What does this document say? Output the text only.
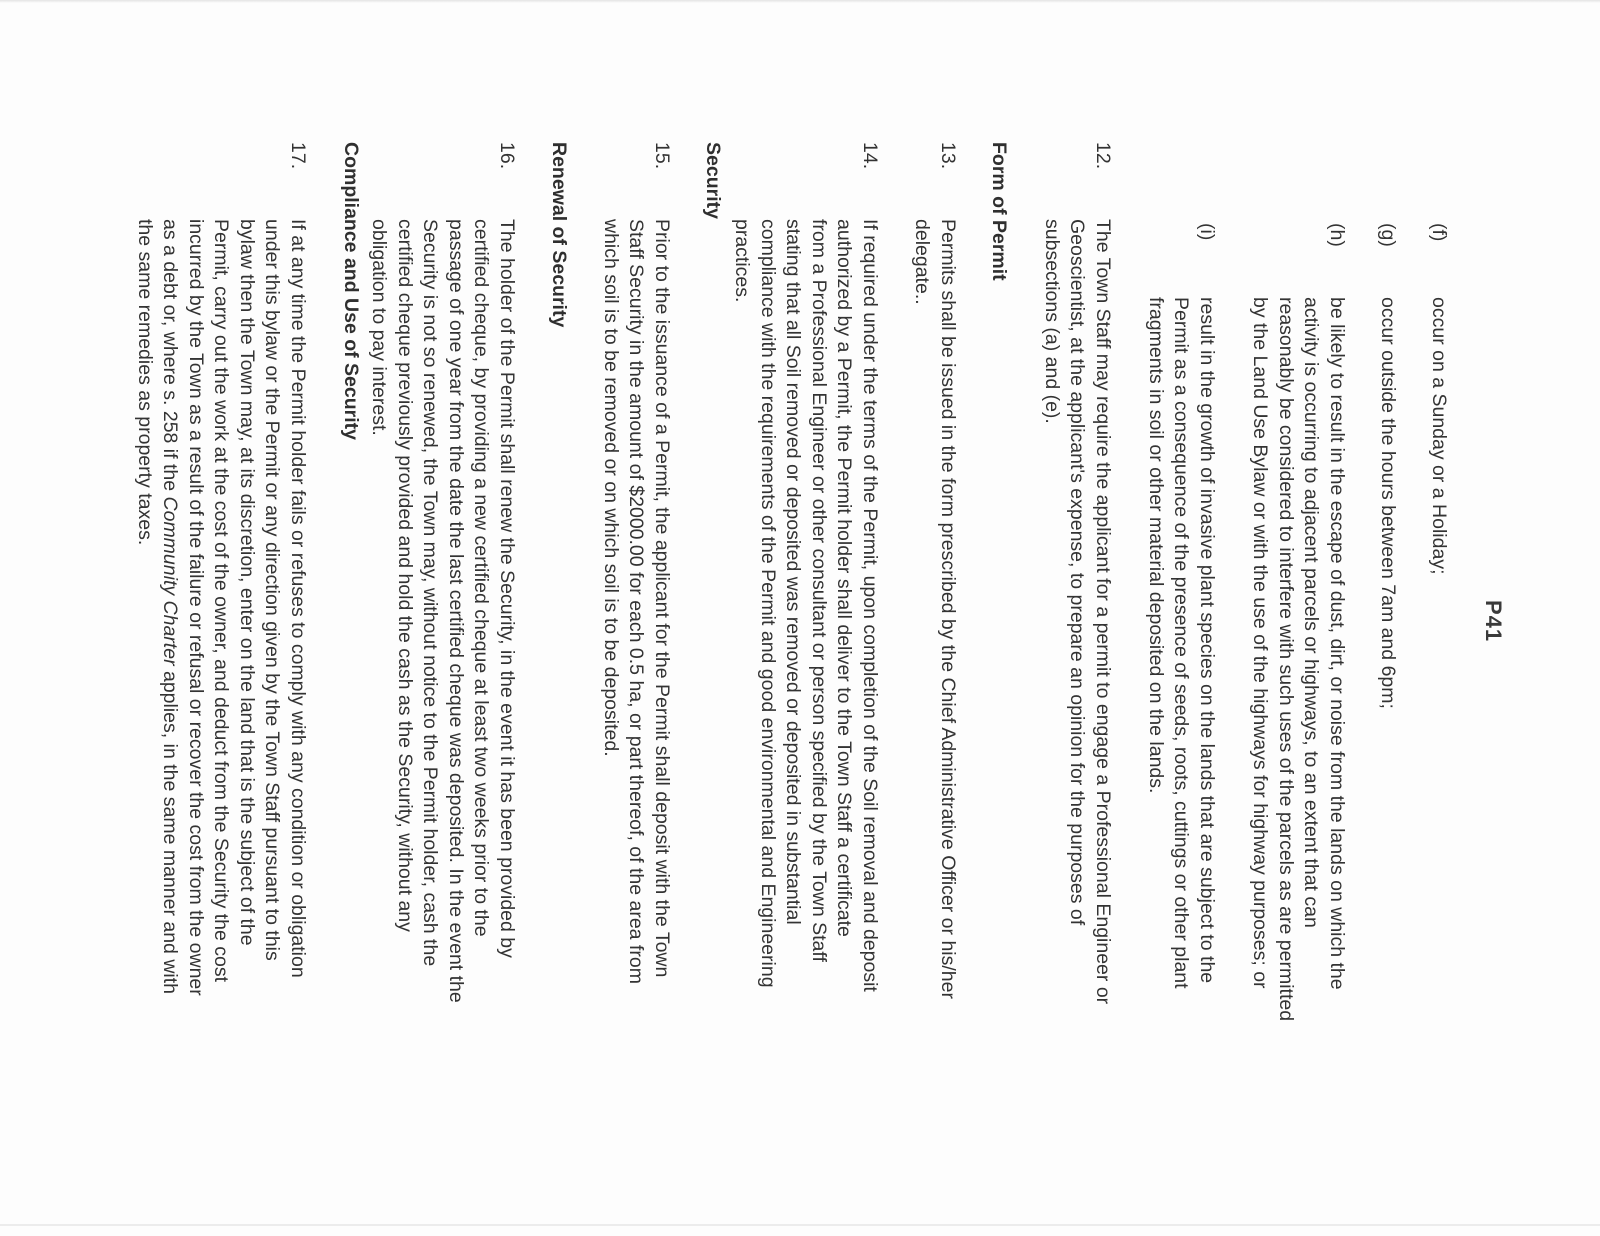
P41
(f)
occur on a Sunday or a Holiday;
(g)
occur outside the hours between 7am and 6pm;
(h)

be likely to result in the escape of dust, dirt, or noise from the lands on which the

activity is occurring to adjacent parcels or highways, to an extent that can

reasonably be considered to interfere with such uses of the parcels as are permitted

by the Land Use Bylaw or with the use of the highways for highway purposes; or

(i)

result in the growth of invasive plant species on the lands that are subject to the

Permit as a consequence of the presence of seeds, roots, cuttings or other plant

fragments in soil or other material deposited on the lands.

12.

The Town Staff may require the applicant for a permit to engage a Professional Engineer or

Geoscientist, at the applicant's expense, to prepare an opinion for the purposes of

subsections (a) and (e).

Form of Permit
13.

Permits shall be issued in the form prescribed by the Chief Administrative Officer or his/her

delegate..

14.

If required under the terms of the Permit, upon completion of the Soil removal and deposit

authorized by a Permit, the Permit holder shall deliver to the Town Staff a certificate

from a Professional Engineer or other consultant or person specified by the Town Staff

stating that all Soil removed or deposited was removed or deposited in substantial

compliance with the requirements of the Permit and good environmental and Engineering

practices.

Security
15.

Prior to the issuance of a Permit, the applicant for the Permit shall deposit with the Town

Staff Security in the amount of $2000.00 for each 0.5 ha, or part thereof, of the area from

which soil is to be removed or on which soil is to be deposited.

Renewal of Security
16.

The holder of the Permit shall renew the Security, in the event it has been provided by

certified cheque, by providing a new certified cheque at least two weeks prior to the

passage of one year from the date the last certified cheque was deposited. In the event the

Security is not so renewed, the Town may, without notice to the Permit holder, cash the

certified cheque previously provided and hold the cash as the Security, without any

obligation to pay interest.

Compliance and Use of Security
17.

If at any time the Permit holder fails or refuses to comply with any condition or obligation

under this bylaw or the Permit or any direction given by the Town Staff pursuant to this

bylaw then the Town may, at its discretion, enter on the land that is the subject of the

Permit, carry out the work at the cost of the owner, and deduct from the Security the cost

incurred by the Town as a result of the failure or refusal or recover the cost from the owner

as a debt or, where s. 258 if the Community Charter applies, in the same manner and with

the same remedies as property taxes.
